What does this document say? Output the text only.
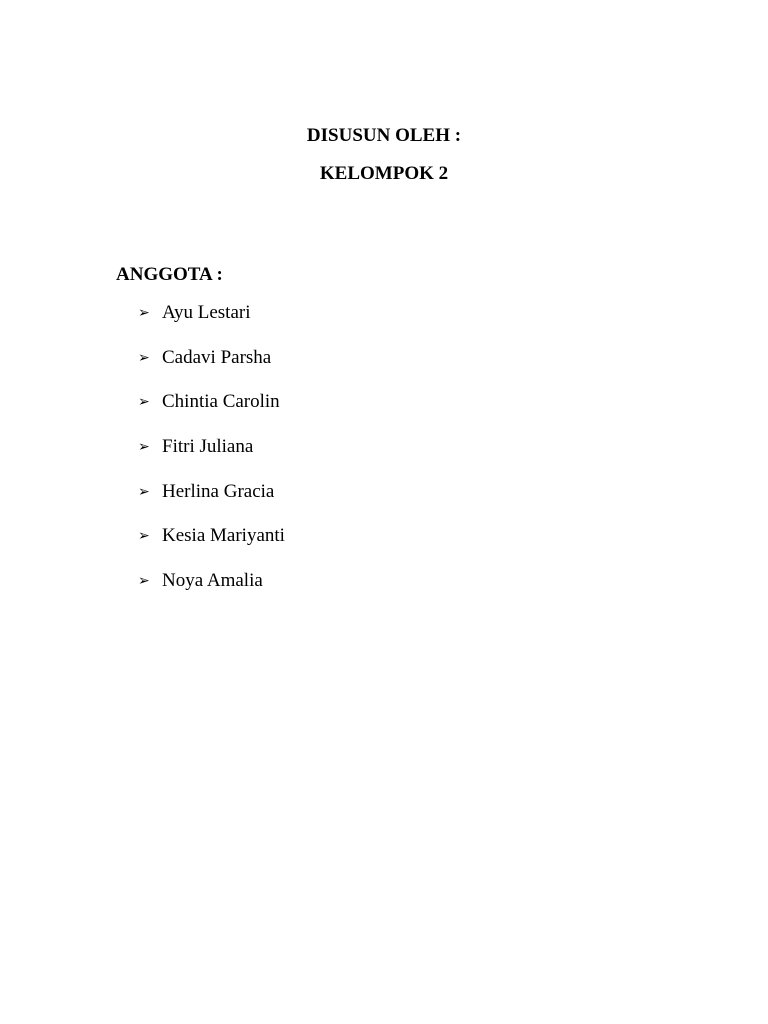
DISUSUN OLEH :
KELOMPOK 2
ANGGOTA :
➢ Ayu Lestari
➢ Cadavi Parsha
➢ Chintia Carolin
➢ Fitri Juliana
➢ Herlina Gracia
➢ Kesia Mariyanti
➢ Noya Amalia
